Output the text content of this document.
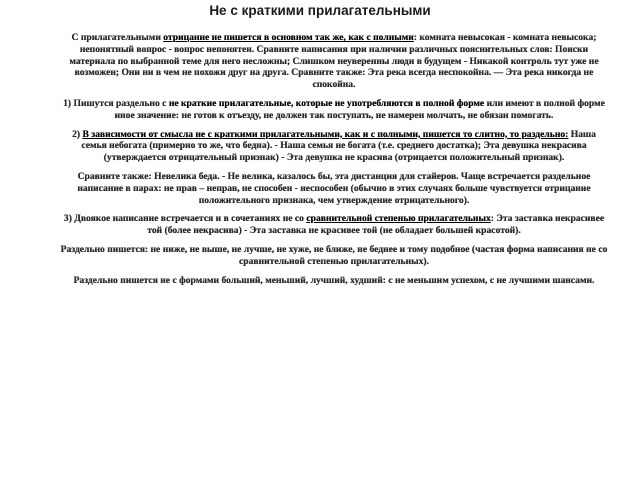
Не с краткими прилагательными

С прилагательными отрицание не пишется в основном так же, как с полными: комната невысокая - комната невысока; непонятный вопрос - вопрос непонятен. Сравните написания при наличии различных пояснительных слов: Поиски материала по выбранной теме для него несложны; Слишком неуверенны люди в будущем - Никакой контроль тут уже не возможен; Они ни в чем не похожи друг на друга. Сравните также: Эта река всегда неспокойна. — Эта река никогда не спокойна.

1) Пишутся раздельно с не краткие прилагательные, которые не употребляются в полной форме или имеют в полной форме иное значение: не готов к отъезду, не должен так поступать, не намерен молчать, не обязан помогать.

2) В зависимости от смысла не с краткими прилагательными, как и с полными, пишется то слитно, то раздельно: Наша семья небогата (примерно то же, что бедна). - Наша семья не богата (т.е. среднего достатка); Эта девушка некрасива (утверждается отрицательный признак) - Эта девушка не красива (отрицается положительный признак).

Сравните также: Невелика беда. - Не велика, казалось бы, эта дистанция для стайеров. Чаще встречается раздельное написание в парах: не прав – неправ, не способен - неспособен (обычно в этих случаях больше чувствуется отрицание положительного признака, чем утверждение отрицательного).

3) Двоякое написание встречается и в сочетаниях не со сравнительной степенью прилагательных: Эта заставка некрасивее той (более некрасива) - Эта заставка не красивее той (не обладает большей красотой).

Раздельно пишется: не ниже, не выше, не лучше, не хуже, не ближе, не беднее и тому подобное (частая форма написания не со сравнительной степенью прилагательных).

Раздельно пишется не с формами больший, меньший, лучший, худший: с не меньшим успехом, с не лучшими шансами.
